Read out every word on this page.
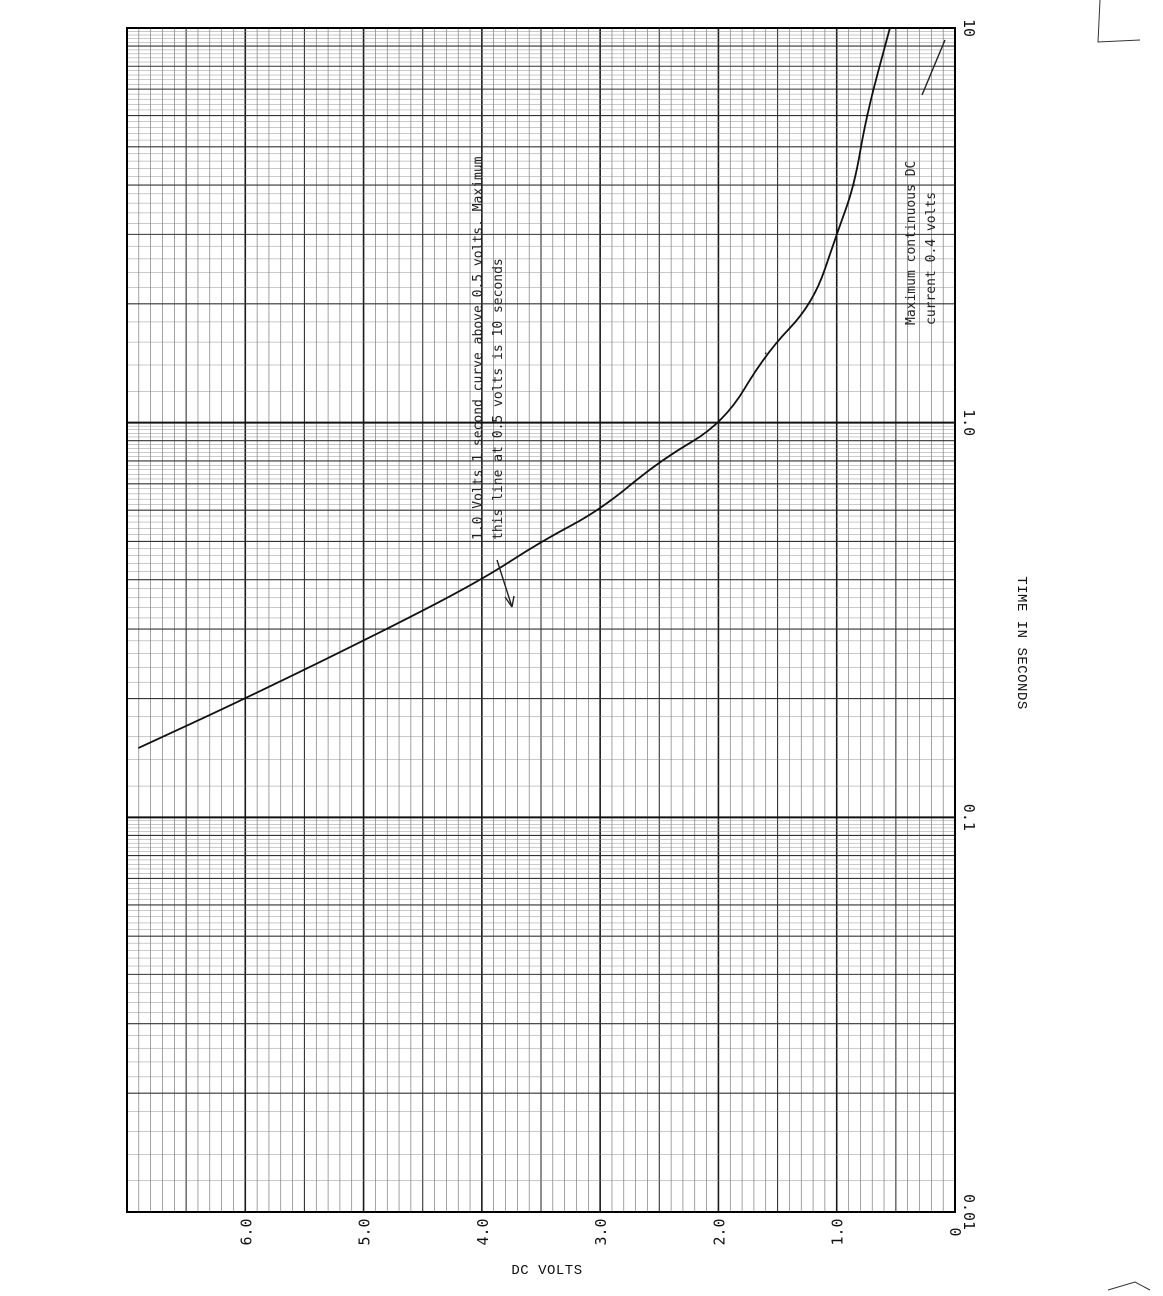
0
1.0
2.0
3.0
4.0
5.0
6.0
0.01
0.1
1.0
10
DC VOLTS
TIME IN SECONDS
1.0 Volts 1 second curve above 0.5 volts. Maximum this line at 0.5 volts is 10 seconds
Maximum continuous DC current 0.4 volts
